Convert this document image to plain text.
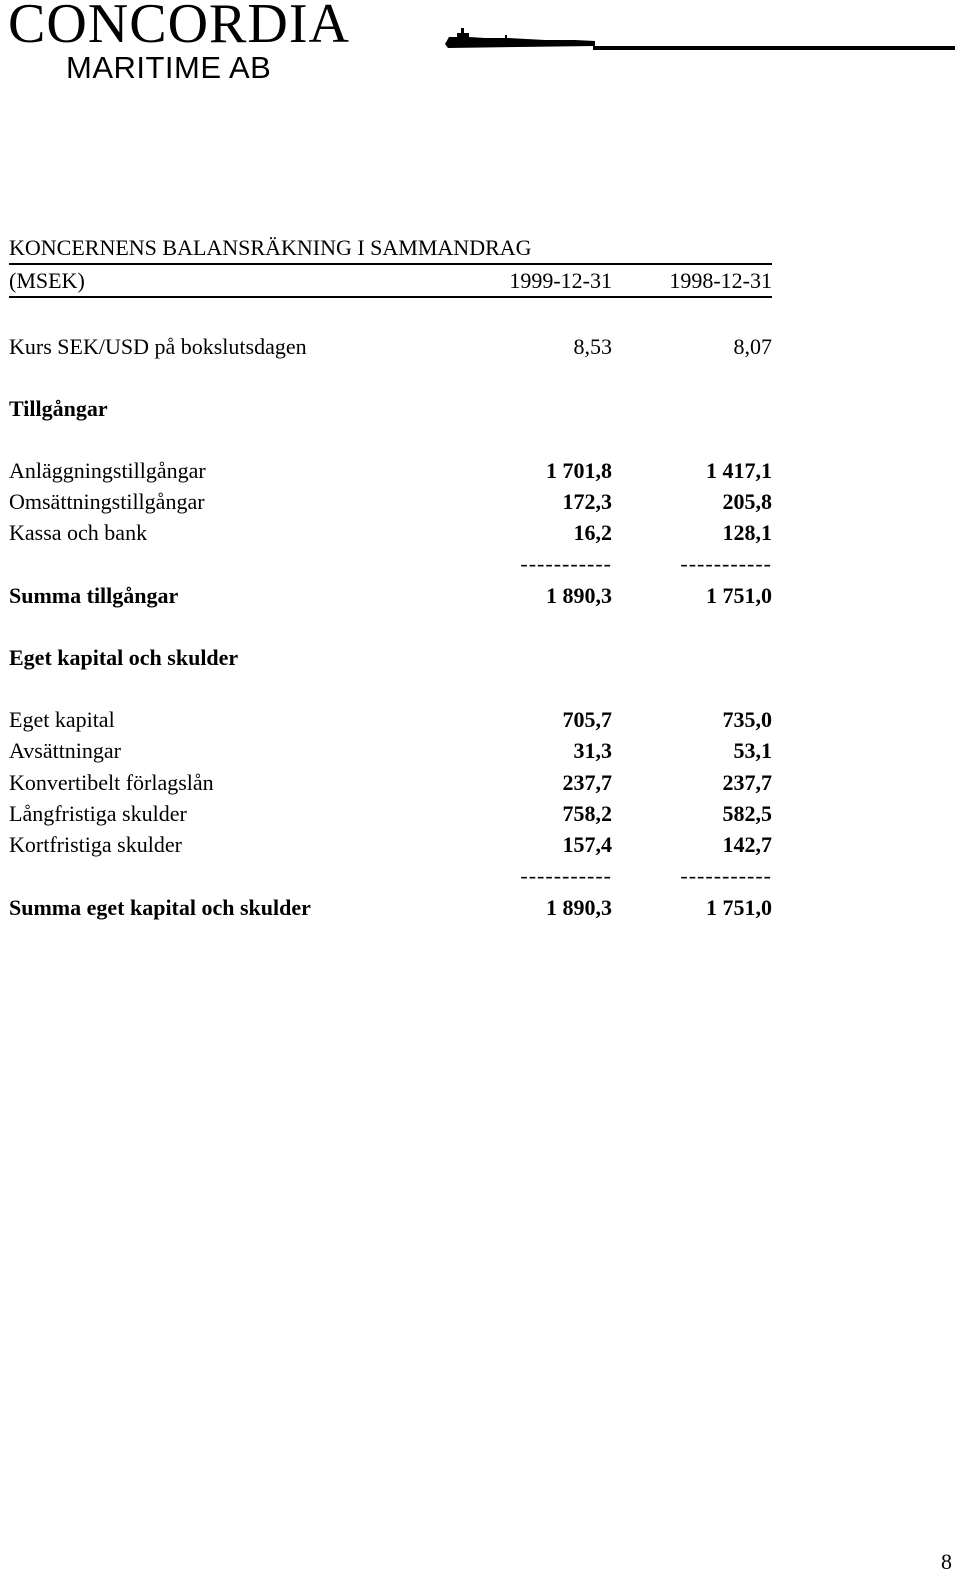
CONCORDIA
MARITIME AB
KONCERNENS BALANSRÄKNING I SAMMANDRAG
(MSEK)	1999-12-31	1998-12-31
Kurs SEK/USD på bokslutsdagen	8,53	8,07
Tillgångar
Anläggningstillgångar	1 701,8	1 417,1
Omsättningstillgångar	172,3	205,8
Kassa och bank	16,2	128,1
-----------	-----------
Summa tillgångar	1 890,3	1 751,0
Eget kapital och skulder
Eget kapital	705,7	735,0
Avsättningar	31,3	53,1
Konvertibelt förlagslån	237,7	237,7
Långfristiga skulder	758,2	582,5
Kortfristiga skulder	157,4	142,7
-----------	-----------
Summa eget kapital och skulder	1 890,3	1 751,0
8
